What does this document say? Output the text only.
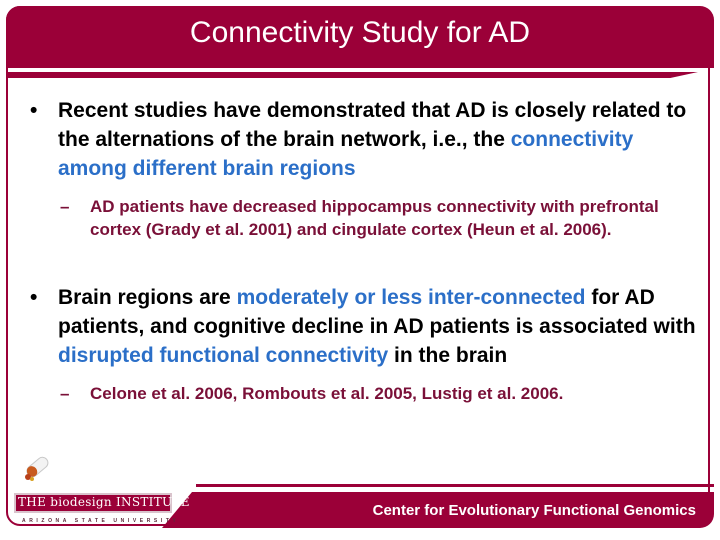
Connectivity Study for AD
• Recent studies have demonstrated that AD is closely related to the alternations of the brain network, i.e., the connectivity among different brain regions
– AD patients have decreased hippocampus connectivity with prefrontal cortex (Grady et al. 2001) and cingulate cortex (Heun et al. 2006).
• Brain regions are moderately or less inter-connected for AD patients, and cognitive decline in AD patients is associated with disrupted functional connectivity in the brain
– Celone et al. 2006, Rombouts et al. 2005, Lustig et al. 2006.
Center for Evolutionary Functional Genomics
THE biodesign INSTITUTE
ARIZONA STATE UNIVERSITY
